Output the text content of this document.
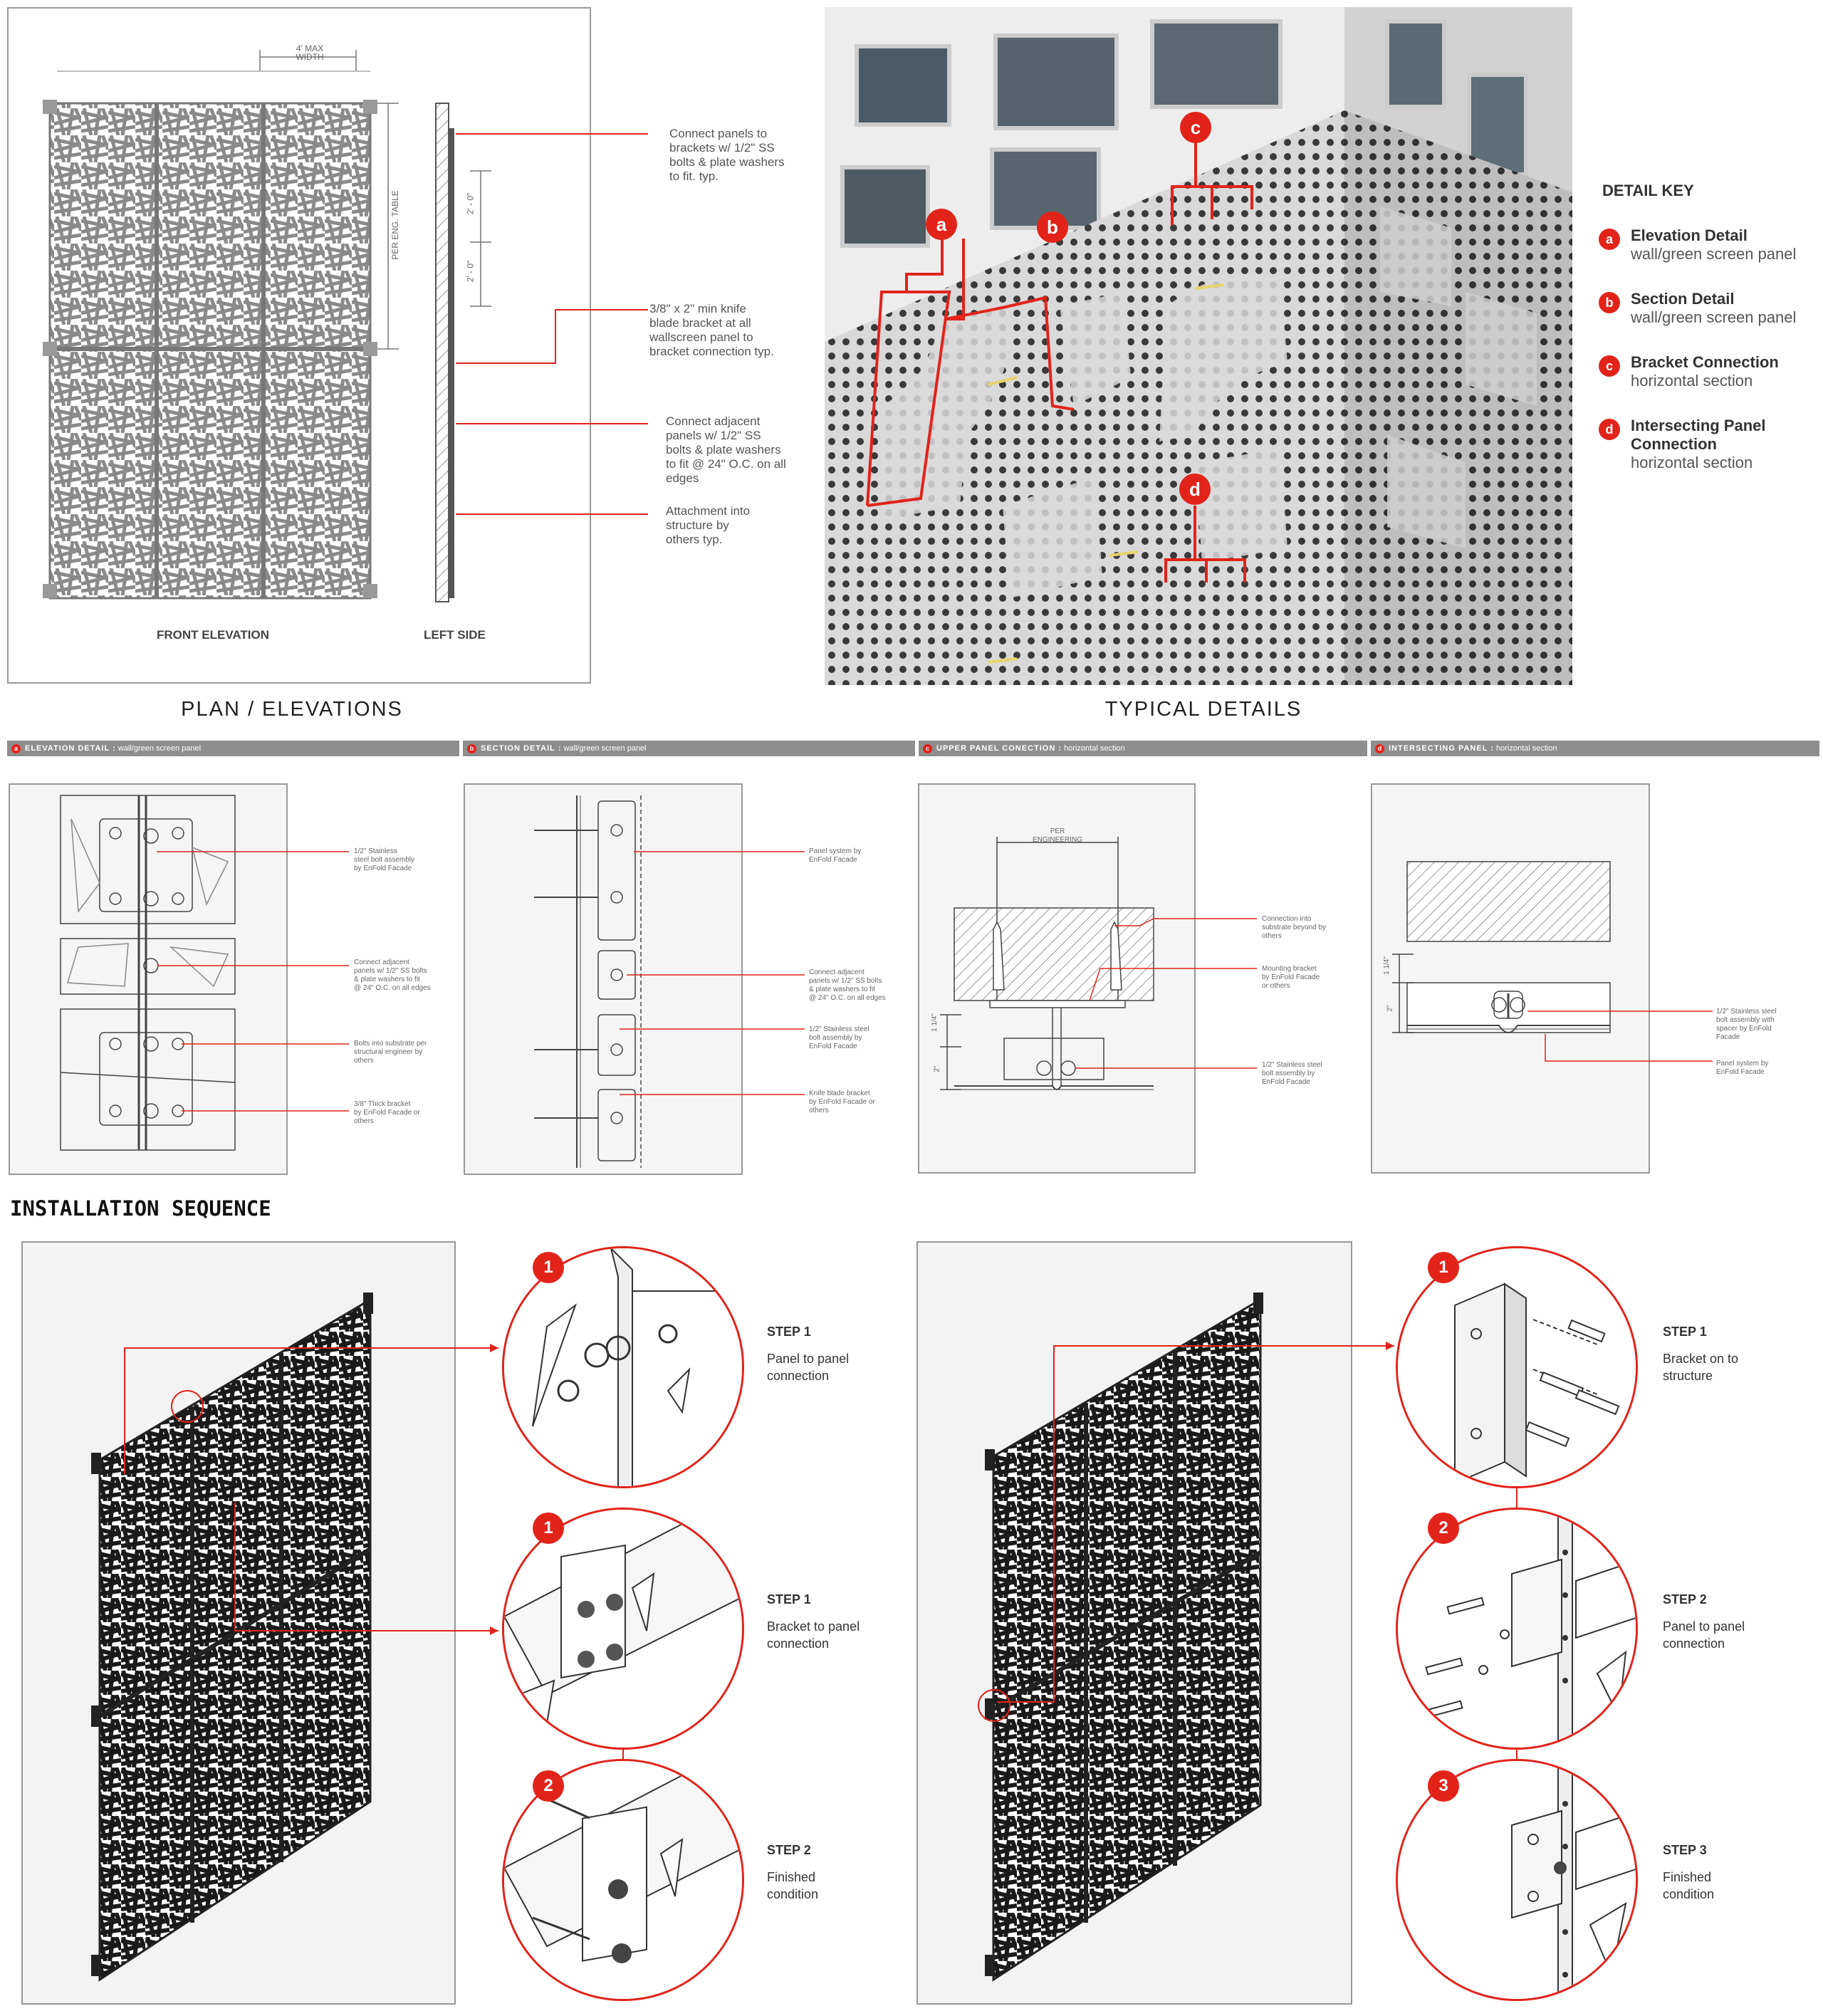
4' MAX
WIDTH
PER ENG. TABLE	2' - 0"
2' - 0"
Connect panels to
brackets w/ 1/2" SS
bolts & plate washers
to fit. typ.
3/8" x 2" min knife
blade bracket at all
wallscreen panel to
bracket connection typ.
Connect adjacent
panels w/ 1/2" SS
bolts & plate washers
to fit @ 24" O.C. on all
edges
Attachment into
structure by
others typ.
FRONT ELEVATION	LEFT SIDE
PLAN / ELEVATIONS
a	b
c
d
TYPICAL DETAILS
DETAIL KEY
a	Elevation Detail
wall/green screen panel
b	Section Detail
wall/green screen panel
c	Bracket Connection
horizontal section
d	Intersecting Panel
Connection
horizontal section
a ELEVATION DETAIL : wall/green screen panel	b SECTION DETAIL : wall/green screen panel	c UPPER PANEL CONECTION : horizontal section	d INTERSECTING PANEL : horizontal section
1/2" Stainless
steel bolt assembly
by EnFold Facade
Connect adjacent
panels w/ 1/2" SS bolts
& plate washers to fit
@ 24" O.C. on all edges
Bolts into substrate per
structural engineer by
others
3/8" Thick bracket
by EnFold Facade or
others
Panel system by
EnFold Facade
Connect adjacent
panels w/ 1/2" SS bolts
& plate washers to fit
@ 24" O.C. on all edges
1/2" Stainless steel
bolt assembly by
EnFold Facade
Knife blade bracket
by EnFold Facade or
others
PER
ENGINEERING
1 1/4"
2"
Connection into
substrate beyond by
others
Mounting bracket
by EnFold Facade
or others
1/2" Stainless steel
bolt assembly by
EnFold Facade
1 1/4"
2"	1/2" Stainless steel
bolt assembly with
spacer by EnFold
Facade
Panel system by
EnFold Facade
INSTALLATION SEQUENCE
1
1
2
STEP 1
Panel to panel
connection
STEP 1
Bracket to panel
connection
STEP 2
Finished
condition
1
2
3
STEP 1
Bracket on to
structure
STEP 2
Panel to panel
connection
STEP 3
Finished
condition
